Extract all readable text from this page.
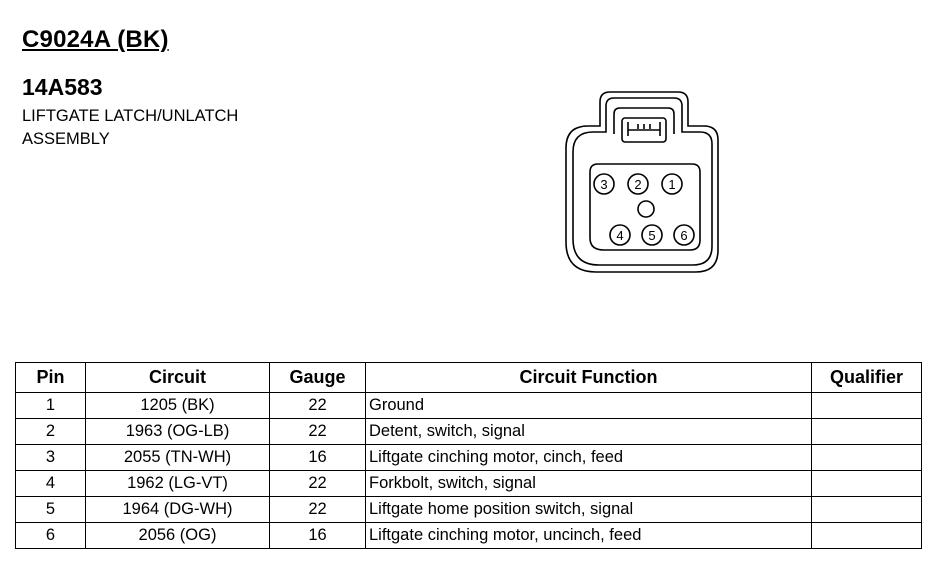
C9024A (BK)
14A583
LIFTGATE LATCH/UNLATCH
ASSEMBLY
3 2 1
4 5 6
Pin	Circuit	Gauge	Circuit Function	Qualifier
1	1205 (BK)	22	Ground	
2	1963 (OG-LB)	22	Detent, switch, signal	
3	2055 (TN-WH)	16	Liftgate cinching motor, cinch, feed	
4	1962 (LG-VT)	22	Forkbolt, switch, signal	
5	1964 (DG-WH)	22	Liftgate home position switch, signal	
6	2056 (OG)	16	Liftgate cinching motor, uncinch, feed	
